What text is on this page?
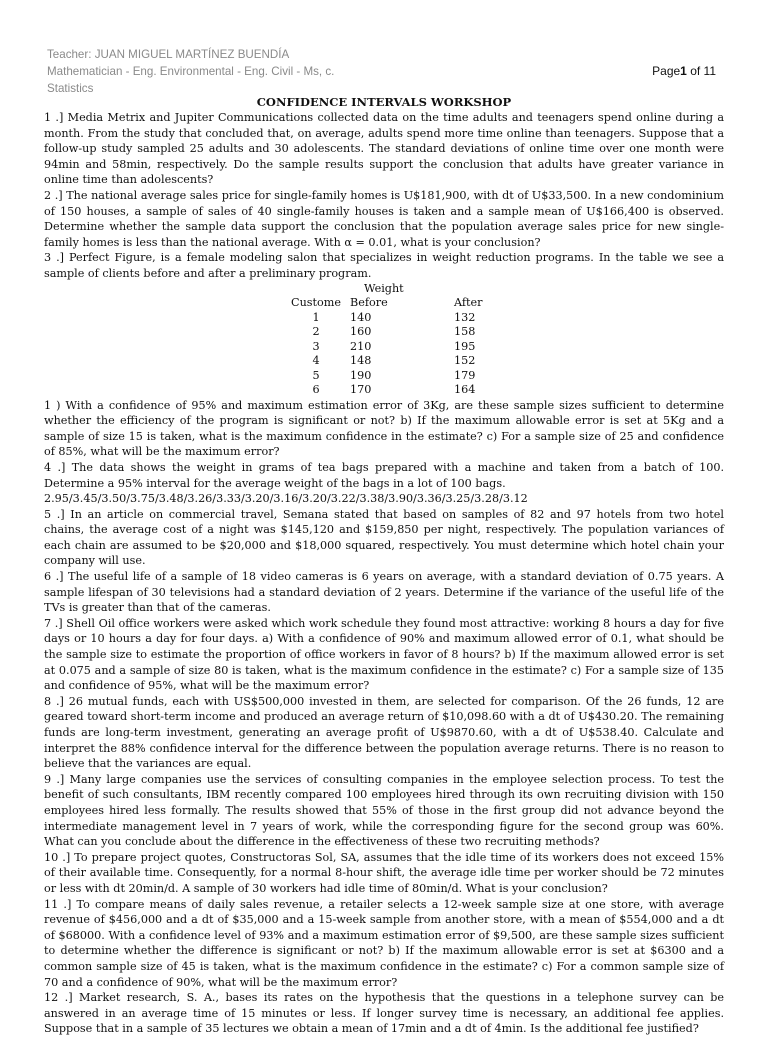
Teacher: JUAN MIGUEL MARTÍNEZ BUENDÍA
Mathematician - Eng. Environmental - Eng. Civil - Ms, c.
Statistics
Page1 of 11
CONFIDENCE INTERVALS WORKSHOP

1 .] Media Metrix and Jupiter Communications collected data on the time adults and teenagers spend online during a month. From the study that concluded that, on average, adults spend more time online than teenagers. Suppose that a follow-up study sampled 25 adults and 30 adolescents. The standard deviations of online time over one month were 94min and 58min, respectively. Do the sample results support the conclusion that adults have greater variance in online time than adolescents?

2 .] The national average sales price for single-family homes is U$181,900, with dt of U$33,500. In a new condominium of 150 houses, a sample of sales of 40 single-family houses is taken and a sample mean of U$166,400 is observed. Determine whether the sample data support the conclusion that the population average sales price for new single-family homes is less than the national average. With α = 0.01, what is your conclusion?

3 .] Perfect Figure, is a female modeling salon that specializes in weight reduction programs. In the table we see a sample of clients before and after a preliminary program.

	Weight	
Custome	Before	After
1	140	132
2	160	158
3	210	195
4	148	152
5	190	179
6	170	164

1 ) With a confidence of 95% and maximum estimation error of 3Kg, are these sample sizes sufficient to determine whether the efficiency of the program is significant or not? b) If the maximum allowable error is set at 5Kg and a sample of size 15 is taken, what is the maximum confidence in the estimate? c) For a sample size of 25 and confidence of 85%, what will be the maximum error?

4 .] The data shows the weight in grams of tea bags prepared with a machine and taken from a batch of 100. Determine a 95% interval for the average weight of the bags in a lot of 100 bags.

2.95/3.45/3.50/3.75/3.48/3.26/3.33/3.20/3.16/3.20/3.22/3.38/3.90/3.36/3.25/3.28/3.12

5 .] In an article on commercial travel, Semana stated that based on samples of 82 and 97 hotels from two hotel chains, the average cost of a night was $145,120 and $159,850 per night, respectively. The population variances of each chain are assumed to be $20,000 and $18,000 squared, respectively. You must determine which hotel chain your company will use.

6 .] The useful life of a sample of 18 video cameras is 6 years on average, with a standard deviation of 0.75 years. A sample lifespan of 30 televisions had a standard deviation of 2 years. Determine if the variance of the useful life of the TVs is greater than that of the cameras.

7 .] Shell Oil office workers were asked which work schedule they found most attractive: working 8 hours a day for five days or 10 hours a day for four days. a) With a confidence of 90% and maximum allowed error of 0.1, what should be the sample size to estimate the proportion of office workers in favor of 8 hours? b) If the maximum allowed error is set at 0.075 and a sample of size 80 is taken, what is the maximum confidence in the estimate? c) For a sample size of 135 and confidence of 95%, what will be the maximum error?

8 .] 26 mutual funds, each with US$500,000 invested in them, are selected for comparison. Of the 26 funds, 12 are geared toward short-term income and produced an average return of $10,098.60 with a dt of U$430.20. The remaining funds are long-term investment, generating an average profit of U$9870.60, with a dt of U$538.40. Calculate and interpret the 88% confidence interval for the difference between the population average returns. There is no reason to believe that the variances are equal.

9 .] Many large companies use the services of consulting companies in the employee selection process. To test the benefit of such consultants, IBM recently compared 100 employees hired through its own recruiting division with 150 employees hired less formally. The results showed that 55% of those in the first group did not advance beyond the intermediate management level in 7 years of work, while the corresponding figure for the second group was 60%. What can you conclude about the difference in the effectiveness of these two recruiting methods?

10 .] To prepare project quotes, Constructoras Sol, SA, assumes that the idle time of its workers does not exceed 15% of their available time. Consequently, for a normal 8-hour shift, the average idle time per worker should be 72 minutes or less with dt 20min/d. A sample of 30 workers had idle time of 80min/d. What is your conclusion?

11 .] To compare means of daily sales revenue, a retailer selects a 12-week sample size at one store, with average revenue of $456,000 and a dt of $35,000 and a 15-week sample from another store, with a mean of $554,000 and a dt of $68000. With a confidence level of 93% and a maximum estimation error of $9,500, are these sample sizes sufficient to determine whether the difference is significant or not? b) If the maximum allowable error is set at $6300 and a common sample size of 45 is taken, what is the maximum confidence in the estimate? c) For a common sample size of 70 and a confidence of 90%, what will be the maximum error?

12 .] Market research, S. A., bases its rates on the hypothesis that the questions in a telephone survey can be answered in an average time of 15 minutes or less. If longer survey time is necessary, an additional fee applies. Suppose that in a sample of 35 lectures we obtain a mean of 17min and a dt of 4min. Is the additional fee justified?
